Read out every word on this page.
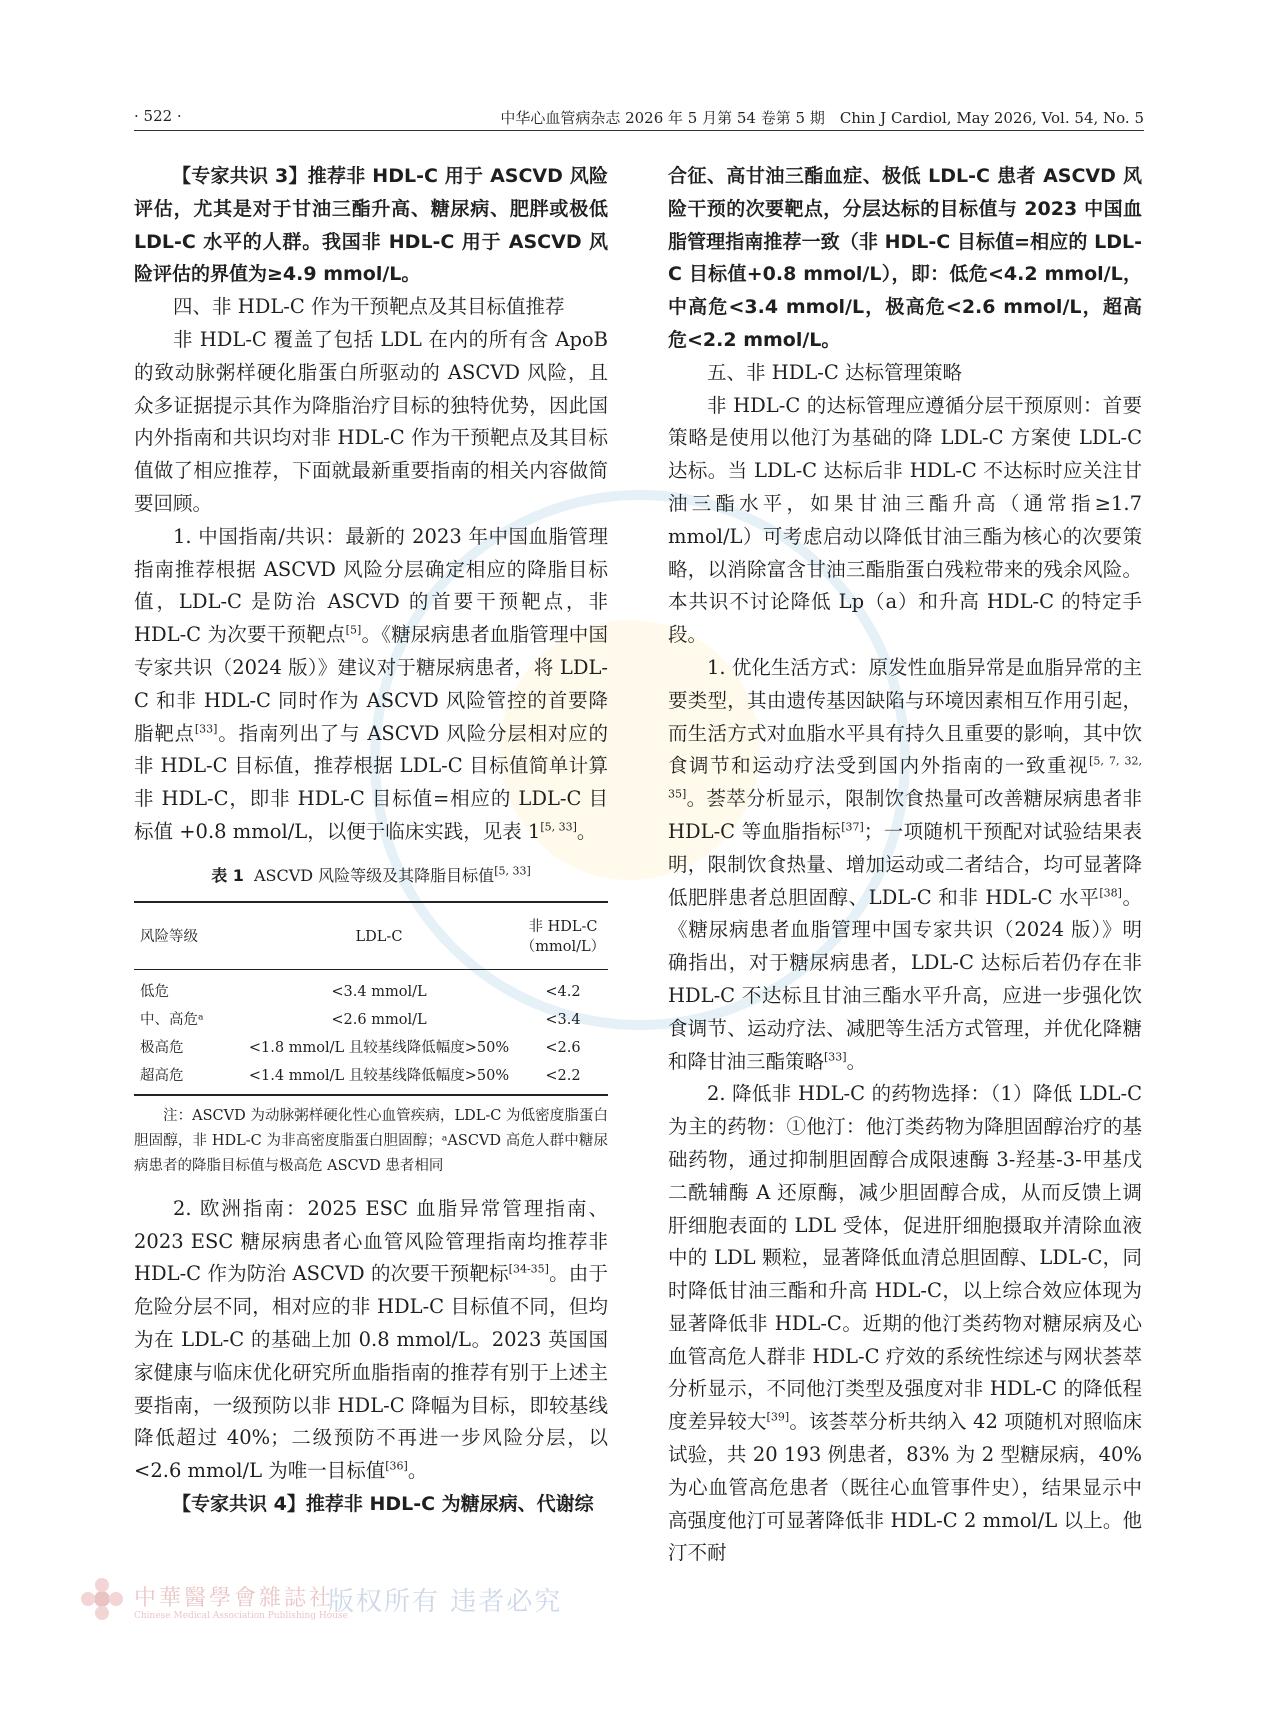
· 522 ·	中华心血管病杂志 2026 年 5 月第 54 卷第 5 期　Chin J Cardiol, May 2026, Vol. 54, No. 5

【专家共识 3】推荐非 HDL-C 用于 ASCVD 风险评估，尤其是对于甘油三酯升高、糖尿病、肥胖或极低 LDL-C 水平的人群。我国非 HDL-C 用于 ASCVD 风险评估的界值为≥4.9 mmol/L。

四、非 HDL-C 作为干预靶点及其目标值推荐

非 HDL-C 覆盖了包括 LDL 在内的所有含 ApoB 的致动脉粥样硬化脂蛋白所驱动的 ASCVD 风险，且众多证据提示其作为降脂治疗目标的独特优势，因此国内外指南和共识均对非 HDL-C 作为干预靶点及其目标值做了相应推荐，下面就最新重要指南的相关内容做简要回顾。

1. 中国指南/共识：最新的 2023 年中国血脂管理指南推荐根据 ASCVD 风险分层确定相应的降脂目标值，LDL-C 是防治 ASCVD 的首要干预靶点，非 HDL-C 为次要干预靶点[5]。《糖尿病患者血脂管理中国专家共识（2024 版）》建议对于糖尿病患者，将 LDL-C 和非 HDL-C 同时作为 ASCVD 风险管控的首要降脂靶点[33]。指南列出了与 ASCVD 风险分层相对应的非 HDL-C 目标值，推荐根据 LDL-C 目标值简单计算非 HDL-C，即非 HDL-C 目标值=相应的 LDL-C 目标值 +0.8 mmol/L，以便于临床实践，见表 1[5, 33]。

表 1 ASCVD 风险等级及其降脂目标值[5, 33]
风险等级	LDL-C	非 HDL-C（mmol/L）
低危	<3.4 mmol/L	<4.2
中、高危ᵃ	<2.6 mmol/L	<3.4
极高危	<1.8 mmol/L 且较基线降低幅度>50%	<2.6
超高危	<1.4 mmol/L 且较基线降低幅度>50%	<2.2
注：ASCVD 为动脉粥样硬化性心血管疾病，LDL-C 为低密度脂蛋白胆固醇，非 HDL-C 为非高密度脂蛋白胆固醇；ᵃASCVD 高危人群中糖尿病患者的降脂目标值与极高危 ASCVD 患者相同

2. 欧洲指南：2025 ESC 血脂异常管理指南、2023 ESC 糖尿病患者心血管风险管理指南均推荐非 HDL-C 作为防治 ASCVD 的次要干预靶标[34-35]。由于危险分层不同，相对应的非 HDL-C 目标值不同，但均为在 LDL-C 的基础上加 0.8 mmol/L。2023 英国国家健康与临床优化研究所血脂指南的推荐有别于上述主要指南，一级预防以非 HDL-C 降幅为目标，即较基线降低超过 40%；二级预防不再进一步风险分层，以<2.6 mmol/L 为唯一目标值[36]。

【专家共识 4】推荐非 HDL-C 为糖尿病、代谢综

合征、高甘油三酯血症、极低 LDL-C 患者 ASCVD 风险干预的次要靶点，分层达标的目标值与 2023 中国血脂管理指南推荐一致（非 HDL-C 目标值=相应的 LDL-C 目标值+0.8 mmol/L），即：低危<4.2 mmol/L，中高危<3.4 mmol/L，极高危<2.6 mmol/L，超高危<2.2 mmol/L。

五、非 HDL-C 达标管理策略

非 HDL-C 的达标管理应遵循分层干预原则：首要策略是使用以他汀为基础的降 LDL-C 方案使 LDL-C 达标。当 LDL-C 达标后非 HDL-C 不达标时应关注甘油三酯水平，如果甘油三酯升高（通常指≥1.7 mmol/L）可考虑启动以降低甘油三酯为核心的次要策略，以消除富含甘油三酯脂蛋白残粒带来的残余风险。本共识不讨论降低 Lp（a）和升高 HDL-C 的特定手段。

1. 优化生活方式：原发性血脂异常是血脂异常的主要类型，其由遗传基因缺陷与环境因素相互作用引起，而生活方式对血脂水平具有持久且重要的影响，其中饮食调节和运动疗法受到国内外指南的一致重视[5, 7, 32, 35]。荟萃分析显示，限制饮食热量可改善糖尿病患者非 HDL-C 等血脂指标[37]；一项随机干预配对试验结果表明，限制饮食热量、增加运动或二者结合，均可显著降低肥胖患者总胆固醇、LDL-C 和非 HDL-C 水平[38]。《糖尿病患者血脂管理中国专家共识（2024 版）》明确指出，对于糖尿病患者，LDL-C 达标后若仍存在非 HDL-C 不达标且甘油三酯水平升高，应进一步强化饮食调节、运动疗法、减肥等生活方式管理，并优化降糖和降甘油三酯策略[33]。

2. 降低非 HDL-C 的药物选择：（1）降低 LDL-C 为主的药物：①他汀：他汀类药物为降胆固醇治疗的基础药物，通过抑制胆固醇合成限速酶 3-羟基-3-甲基戊二酰辅酶 A 还原酶，减少胆固醇合成，从而反馈上调肝细胞表面的 LDL 受体，促进肝细胞摄取并清除血液中的 LDL 颗粒，显著降低血清总胆固醇、LDL-C，同时降低甘油三酯和升高 HDL-C，以上综合效应体现为显著降低非 HDL-C。近期的他汀类药物对糖尿病及心血管高危人群非 HDL-C 疗效的系统性综述与网状荟萃分析显示，不同他汀类型及强度对非 HDL-C 的降低程度差异较大[39]。该荟萃分析共纳入 42 项随机对照临床试验，共 20 193 例患者，83% 为 2 型糖尿病，40% 为心血管高危患者（既往心血管事件史），结果显示中高强度他汀可显著降低非 HDL-C 2 mmol/L 以上。他汀不耐

中華醫學會雜誌社
Chinese Medical Association Publishing House
版权所有 违者必究
